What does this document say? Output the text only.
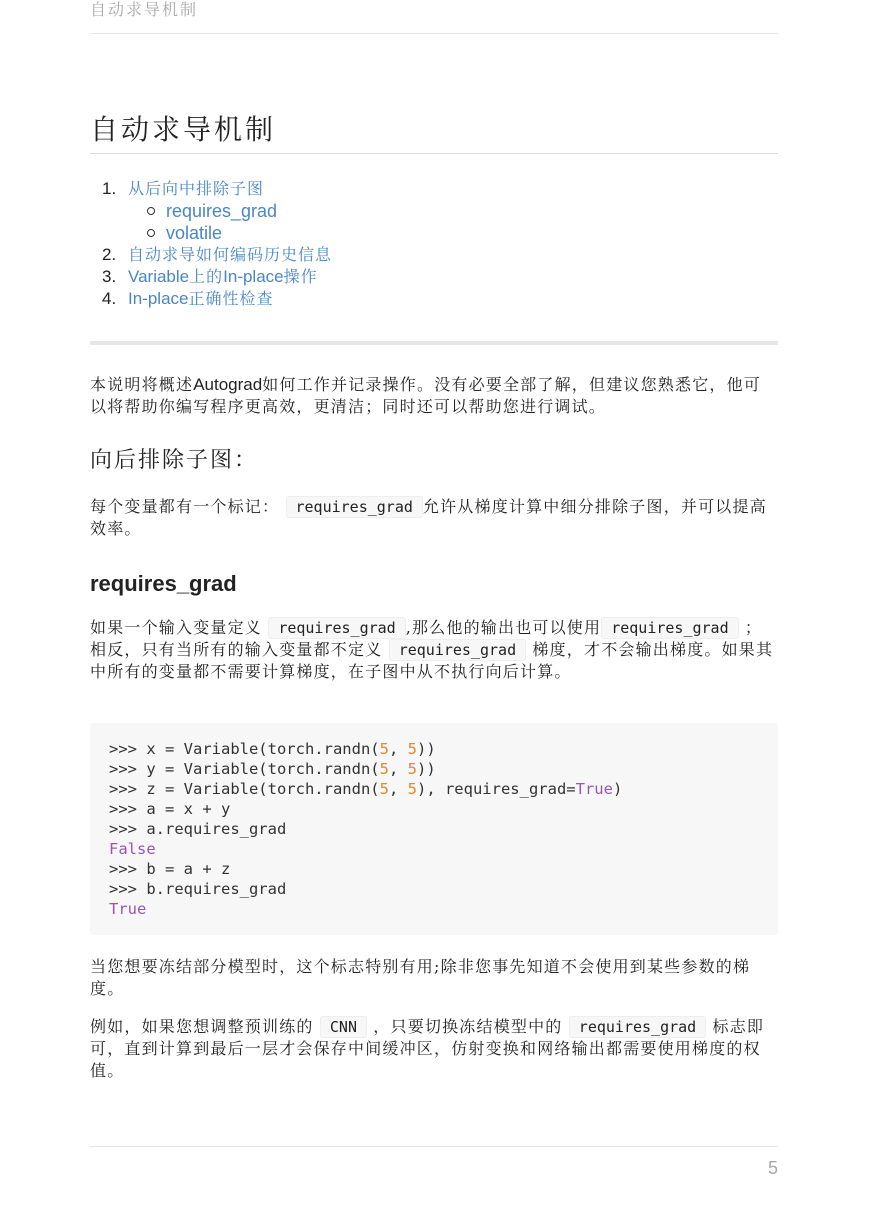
自动求导机制
自动求导机制
1. 从后向中排除子图
requires_grad
volatile
2. 自动求导如何编码历史信息
3. Variable上的In-place操作
4. In-place正确性检查

本说明将概述Autograd如何工作并记录操作。没有必要全部了解，但建议您熟悉它，他可以将帮助你编写程序更高效，更清洁；同时还可以帮助您进行调试。

向后排除子图：

每个变量都有一个标记： requires_grad 允许从梯度计算中细分排除子图，并可以提高效率。

requires_grad

如果一个输入变量定义 requires_grad ,那么他的输出也可以使用 requires_grad ；相反，只有当所有的输入变量都不定义 requires_grad 梯度，才不会输出梯度。如果其中所有的变量都不需要计算梯度，在子图中从不执行向后计算。

>>> x = Variable(torch.randn(5, 5))
>>> y = Variable(torch.randn(5, 5))
>>> z = Variable(torch.randn(5, 5), requires_grad=True)
>>> a = x + y
>>> a.requires_grad
False
>>> b = a + z
>>> b.requires_grad
True

当您想要冻结部分模型时，这个标志特别有用;除非您事先知道不会使用到某些参数的梯度。

例如，如果您想调整预训练的 CNN ，只要切换冻结模型中的 requires_grad 标志即可，直到计算到最后一层才会保存中间缓冲区，仿射变换和网络输出都需要使用梯度的权值。

5
